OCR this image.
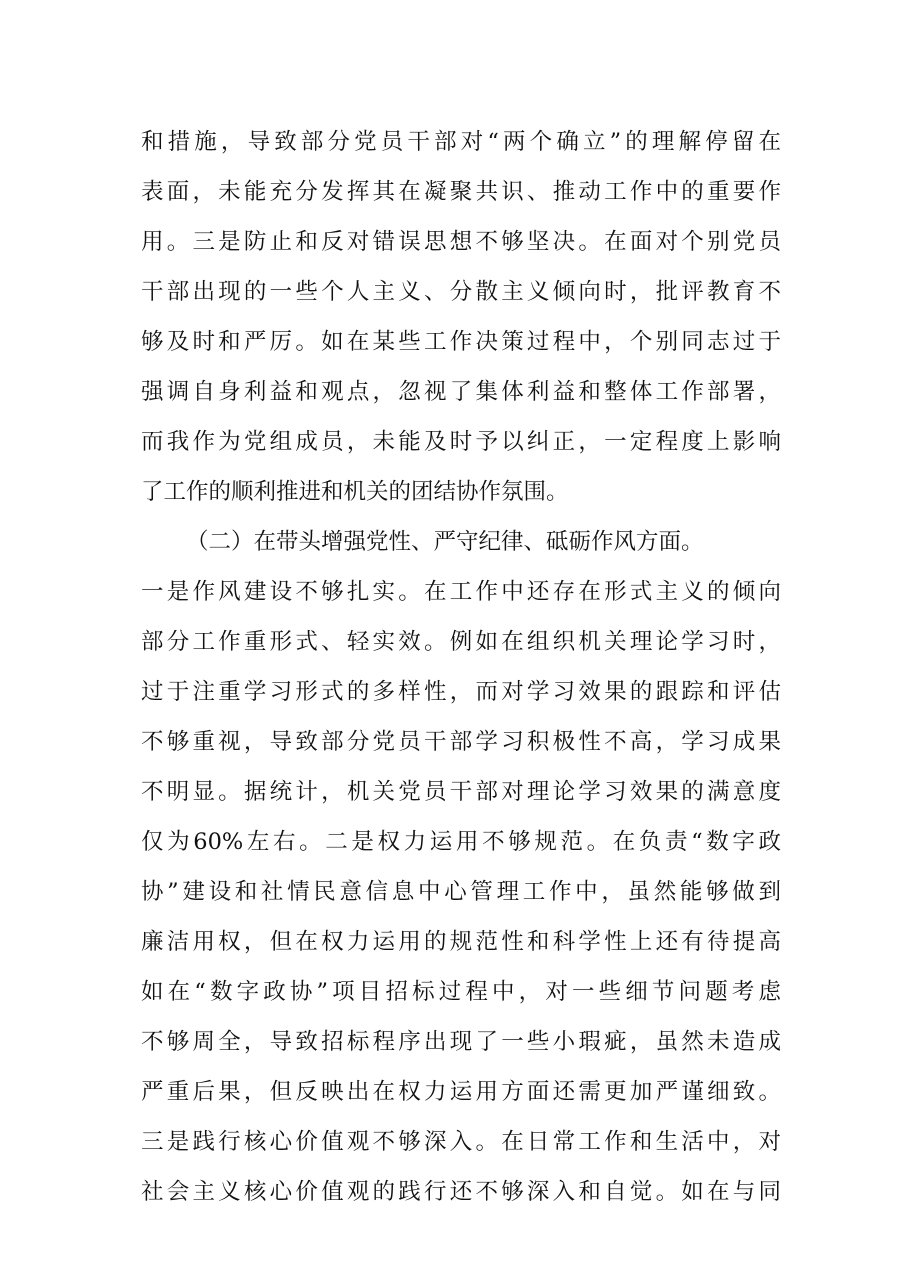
和措施，导致部分党员干部对“两个确立”的理解停留在
表面，未能充分发挥其在凝聚共识、推动工作中的重要作
用。三是防止和反对错误思想不够坚决。在面对个别党员
干部出现的一些个人主义、分散主义倾向时，批评教育不
够及时和严厉。如在某些工作决策过程中，个别同志过于
强调自身利益和观点，忽视了集体利益和整体工作部署，
而我作为党组成员，未能及时予以纠正，一定程度上影响
了工作的顺利推进和机关的团结协作氛围。
（二）在带头增强党性、严守纪律、砥砺作风方面。
一是作风建设不够扎实。在工作中还存在形式主义的倾向
部分工作重形式、轻实效。例如在组织机关理论学习时，
过于注重学习形式的多样性，而对学习效果的跟踪和评估
不够重视，导致部分党员干部学习积极性不高，学习成果
不明显。据统计，机关党员干部对理论学习效果的满意度
仅为60%左右。二是权力运用不够规范。在负责“数字政
协”建设和社情民意信息中心管理工作中，虽然能够做到
廉洁用权，但在权力运用的规范性和科学性上还有待提高
如在“数字政协”项目招标过程中，对一些细节问题考虑
不够周全，导致招标程序出现了一些小瑕疵，虽然未造成
严重后果，但反映出在权力运用方面还需更加严谨细致。
三是践行核心价值观不够深入。在日常工作和生活中，对
社会主义核心价值观的践行还不够深入和自觉。如在与同
